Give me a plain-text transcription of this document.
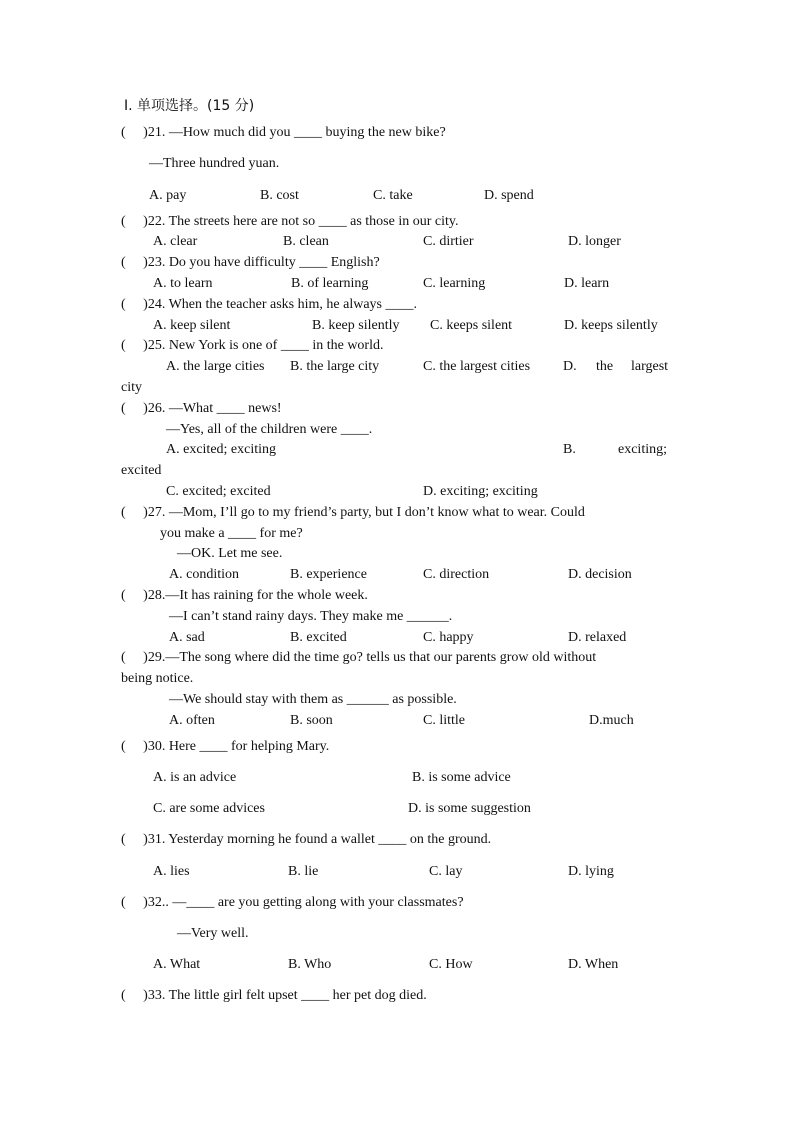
Ⅰ. 单项选择。(15 分)
(　 )21. —How much did you ____ buying the new bike?
—Three hundred yuan.
A. pay	B. cost	C. take	D. spend
(　 )22. The streets here are not so ____ as those in our city.
A. clear	B. clean	C. dirtier	D. longer
(　 )23. Do you have difficulty ____ English?
A. to learn	B. of learning	C. learning	D. learn
(　 )24. When the teacher asks him, he always ____.
A. keep silent	B. keep silently C. keeps silent	D. keeps silently
(　 )25. New York is one of ____ in the world.
A. the large cities B. the large city	C. the largest cities D. the largest
city
(　 )26. —What ____ news!
—Yes, all of the children were ____.
A. excited; exciting	B.	exciting;
excited
C. excited; excited	D. exciting; exciting
(　 )27. —Mom, I’ll go to my friend’s party, but I don’t know what to wear. Could
you make a ____ for me?
—OK. Let me see.
A. condition	B. experience	C. direction	D. decision
(　 )28.—It has raining for the whole week.
—I can’t stand rainy days. They make me ______.
A. sad	B. excited	C. happy	D. relaxed
(　 )29.—The song where did the time go? tells us that our parents grow old without
being notice.
—We should stay with them as ______ as possible.
A. often	B. soon	C. little	D.much
(　 )30. Here ____ for helping Mary.
A. is an advice	B. is some advice
C. are some advices	D. is some suggestion
(　 )31. Yesterday morning he found a wallet ____ on the ground.
A. lies	B. lie	C. lay	D. lying
(　 )32.. —____ are you getting along with your classmates?
—Very well.
A. What	B. Who	C. How	D. When
(　 )33. The little girl felt upset ____ her pet dog died.
